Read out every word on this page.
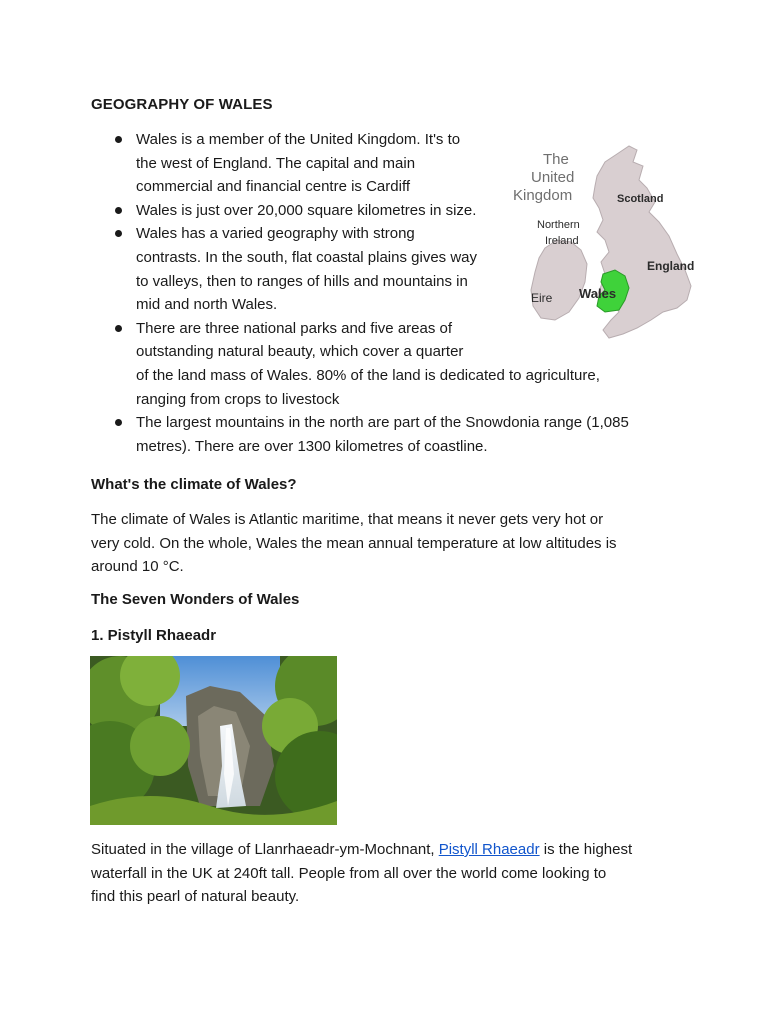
GEOGRAPHY OF WALES
Wales is a member of the United Kingdom. It's to
the west of England. The capital and main
commercial and financial centre is Cardiff
Wales is just over 20,000 square kilometres in size.
Wales has a varied geography with strong
contrasts. In the south, flat coastal plains gives way
to valleys, then to ranges of hills and mountains in
mid and north Wales.
There are three national parks and five areas of
outstanding natural beauty, which cover a quarter
of the land mass of Wales. 80% of the land is dedicated to agriculture,
ranging from crops to livestock
The largest mountains in the north are part of the Snowdonia range (1,085
metres). There are over 1300 kilometres of coastline.
The
United
Kingdom	Scotland
Northern
Ireland
England
Eire Wales
What's the climate of Wales?
The climate of Wales is Atlantic maritime, that means it never gets very hot or
very cold. On the whole, Wales the mean annual temperature at low altitudes is
around 10 °C.
The Seven Wonders of Wales
1. Pistyll Rhaeadr
Situated in the village of Llanrhaeadr-ym-Mochnant, Pistyll Rhaeadr is the highest
waterfall in the UK at 240ft tall. People from all over the world come looking to
find this pearl of natural beauty.
